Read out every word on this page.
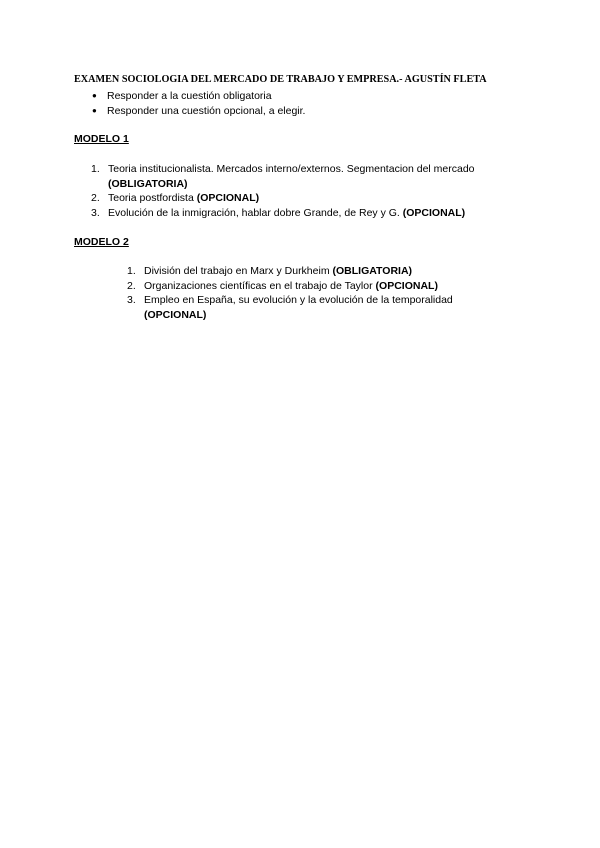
EXAMEN SOCIOLOGIA DEL MERCADO DE TRABAJO Y EMPRESA.- AGUSTÍN FLETA
● Responder a la cuestión obligatoria
● Responder una cuestión opcional, a elegir.
MODELO 1
1. Teoria institucionalista. Mercados interno/externos. Segmentacion del mercado (OBLIGATORIA)
2. Teoria postfordista (OPCIONAL)
3. Evolución de la inmigración, hablar dobre Grande, de Rey y G. (OPCIONAL)
MODELO 2
1. División del trabajo en Marx y Durkheim (OBLIGATORIA)
2. Organizaciones científicas en el trabajo de Taylor (OPCIONAL)
3. Empleo en España, su evolución y la evolución de la temporalidad (OPCIONAL)
